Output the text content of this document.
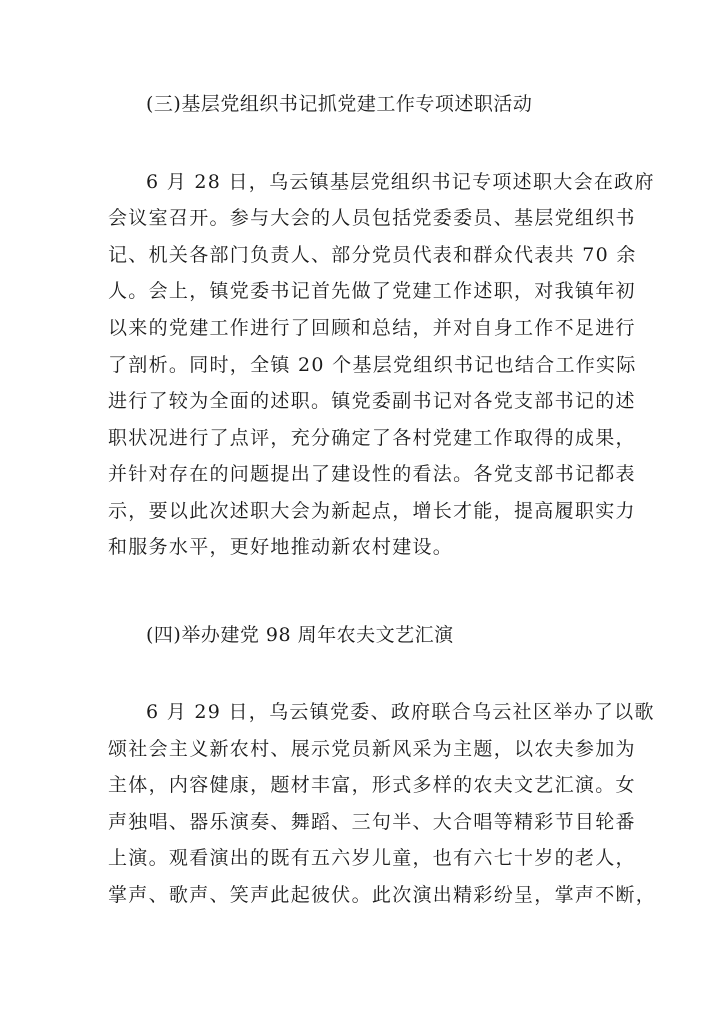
(三)基层党组织书记抓党建工作专项述职活动
6 月 28 日，乌云镇基层党组织书记专项述职大会在政府
会议室召开。参与大会的人员包括党委委员、基层党组织书
记、机关各部门负责人、部分党员代表和群众代表共 70 余
人。会上，镇党委书记首先做了党建工作述职，对我镇年初
以来的党建工作进行了回顾和总结，并对自身工作不足进行
了剖析。同时，全镇 20 个基层党组织书记也结合工作实际
进行了较为全面的述职。镇党委副书记对各党支部书记的述
职状况进行了点评，充分确定了各村党建工作取得的成果，
并针对存在的问题提出了建设性的看法。各党支部书记都表
示，要以此次述职大会为新起点，增长才能，提高履职实力
和服务水平，更好地推动新农村建设。
(四)举办建党 98 周年农夫文艺汇演
6 月 29 日，乌云镇党委、政府联合乌云社区举办了以歌
颂社会主义新农村、展示党员新风采为主题，以农夫参加为
主体，内容健康，题材丰富，形式多样的农夫文艺汇演。女
声独唱、器乐演奏、舞蹈、三句半、大合唱等精彩节目轮番
上演。观看演出的既有五六岁儿童，也有六七十岁的老人，
掌声、歌声、笑声此起彼伏。此次演出精彩纷呈，掌声不断，
